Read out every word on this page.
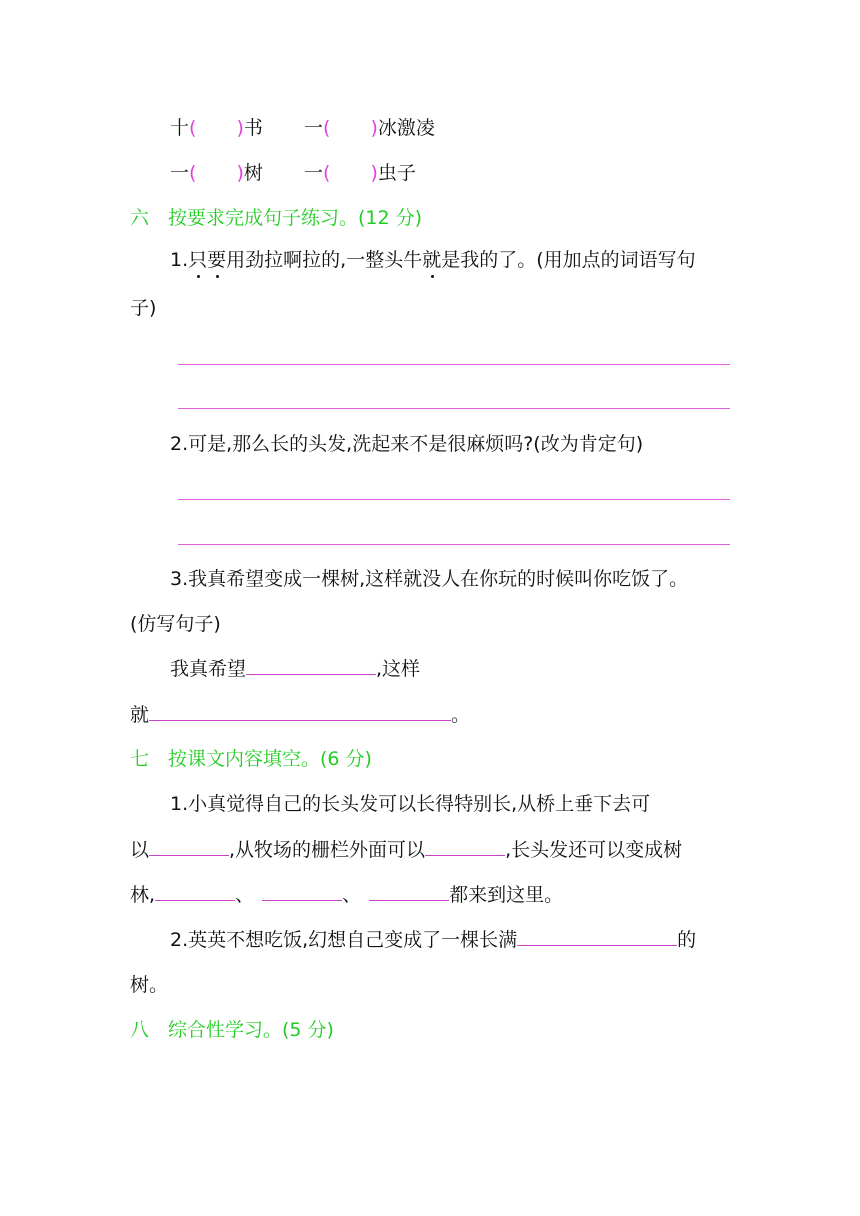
十( )书 一( )冰激凌
一( )树 一( )虫子
六 按要求完成句子练习。(12 分)
1.只要用劲拉啊拉的,一整头牛就是我的了。(用加点的词语写句
子)
2.可是,那么长的头发,洗起来不是很麻烦吗?(改为肯定句)
3.我真希望变成一棵树,这样就没人在你玩的时候叫你吃饭了。
(仿写句子)
我真希望	,这样
就	。
七 按课文内容填空。(6 分)
1.小真觉得自己的长头发可以长得特别长,从桥上垂下去可
以	,从牧场的栅栏外面可以	,长头发还可以变成树
林,	、	、	都来到这里。
2.英英不想吃饭,幻想自己变成了一棵长满	的
树。
八 综合性学习。(5 分)
